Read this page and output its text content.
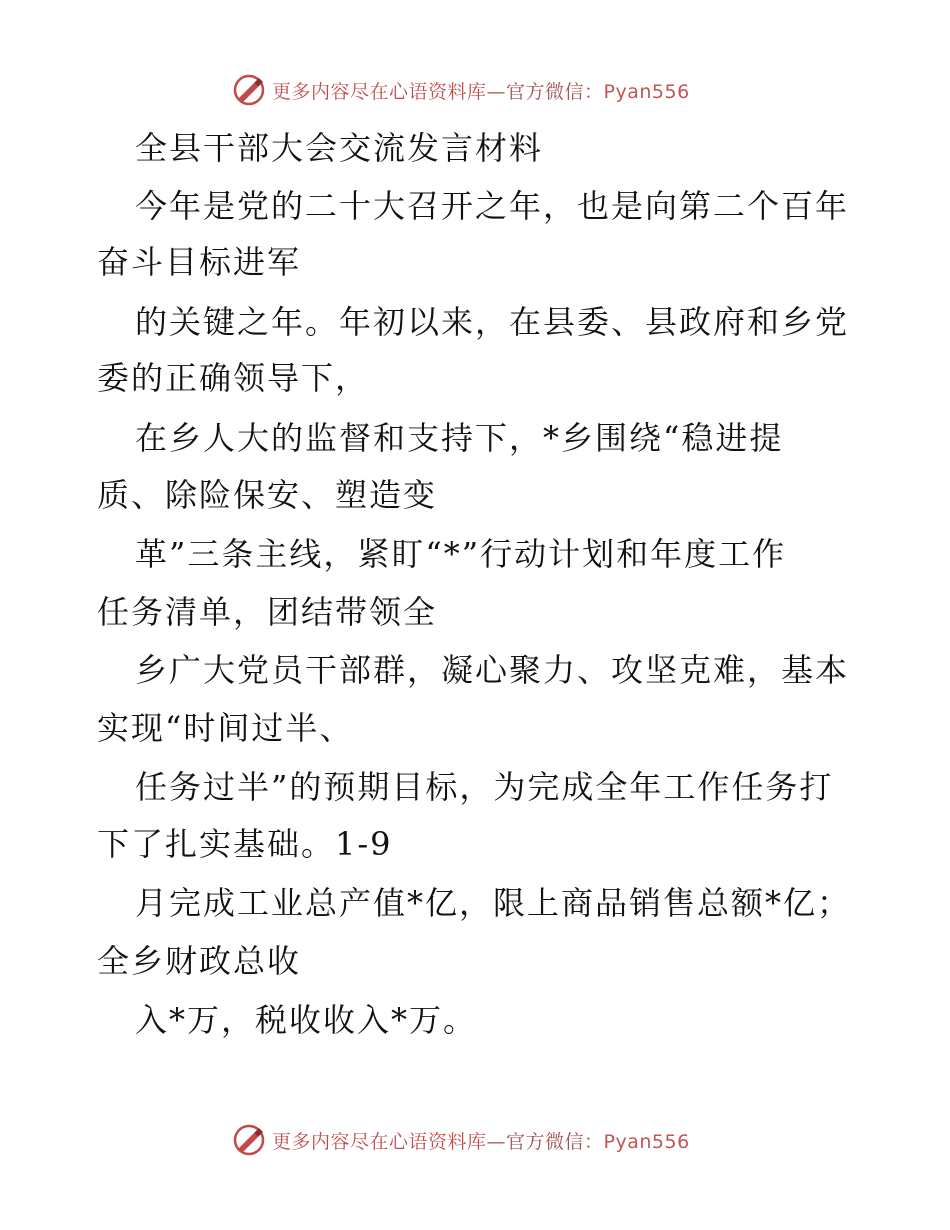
更多内容尽在心语资料库—官方微信：Pyan556
全县干部大会交流发言材料
今年是党的二十大召开之年，也是向第二个百年
奋斗目标进军
的关键之年。年初以来，在县委、县政府和乡党
委的正确领导下，
在乡人大的监督和支持下，*乡围绕“稳进提
质、除险保安、塑造变
革”三条主线，紧盯“*”行动计划和年度工作
任务清单，团结带领全
乡广大党员干部群，凝心聚力、攻坚克难，基本
实现“时间过半、
任务过半”的预期目标，为完成全年工作任务打
下了扎实基础。1-9
月完成工业总产值*亿，限上商品销售总额*亿；
全乡财政总收
入*万，税收收入*万。
更多内容尽在心语资料库—官方微信：Pyan556
